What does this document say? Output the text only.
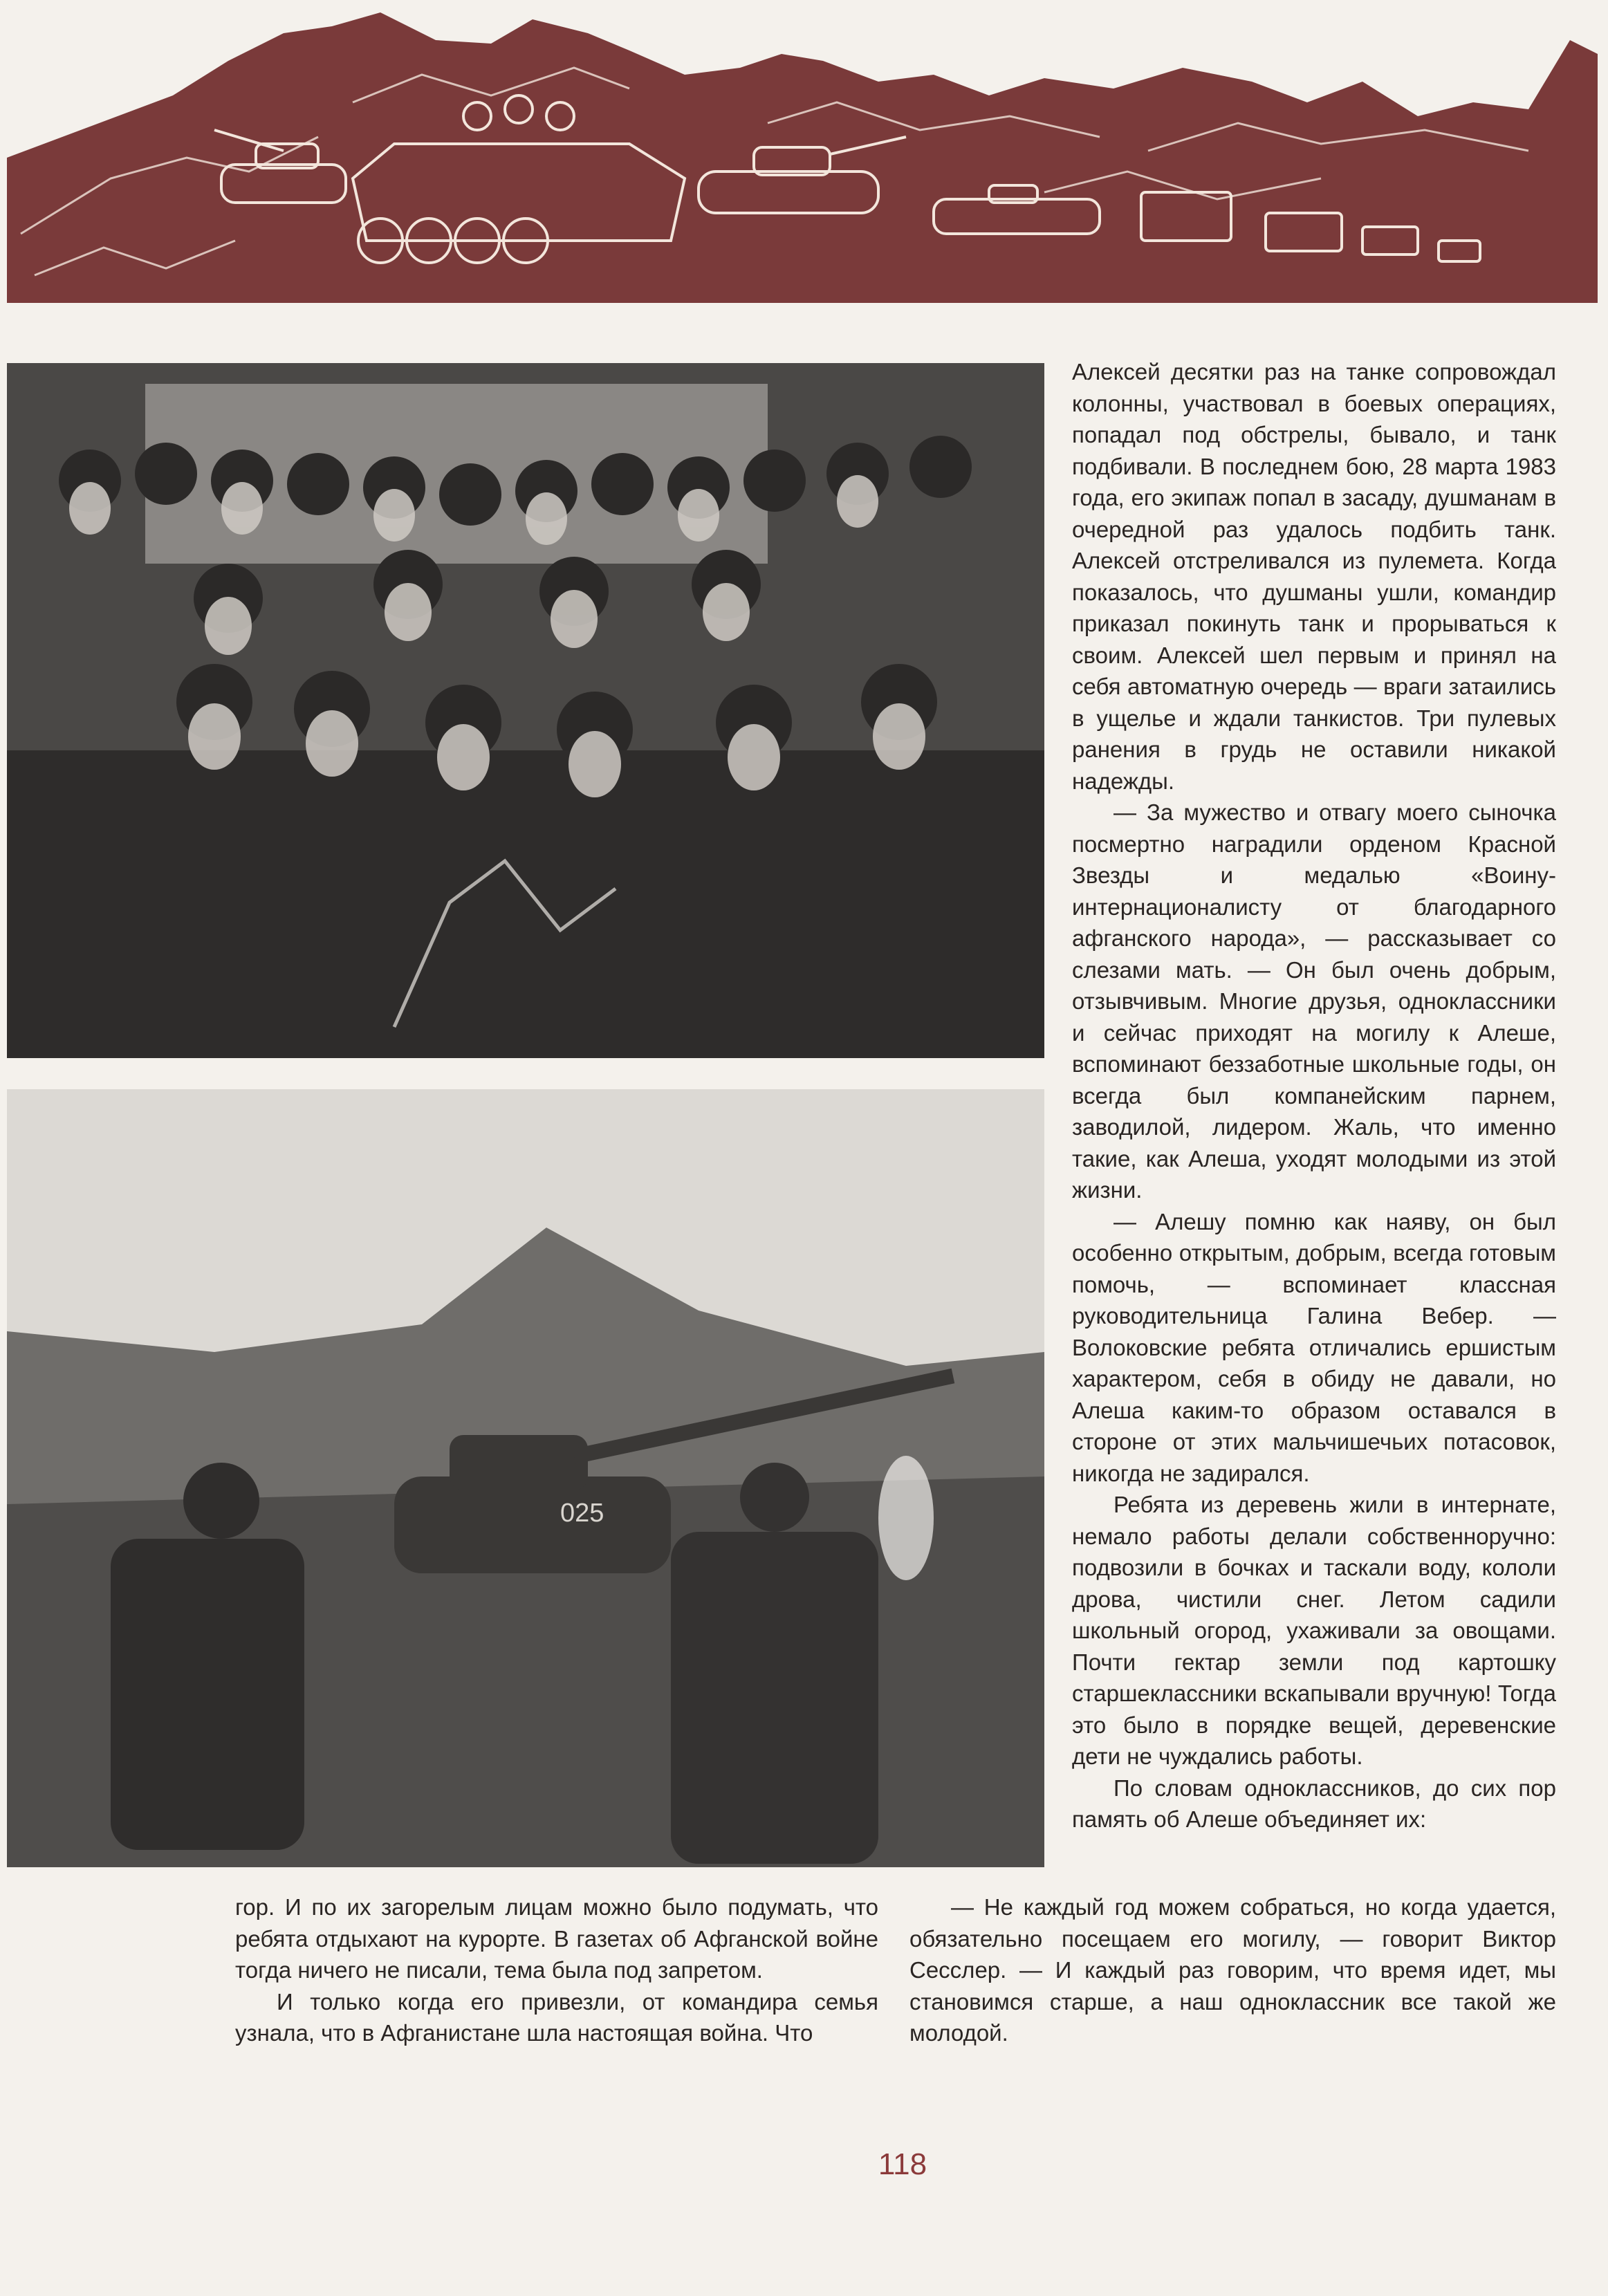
025

Алексей десятки раз на танке сопровождал колонны, участвовал в боевых операциях, попадал под обстрелы, бывало, и танк подбивали. В последнем бою, 28 марта 1983 года, его экипаж попал в засаду, душманам в очередной раз удалось подбить танк. Алексей отстреливался из пулемета. Когда показалось, что душманы ушли, командир приказал покинуть танк и прорываться к своим. Алексей шел первым и принял на себя автоматную очередь — враги затаились в ущелье и ждали танкистов. Три пулевых ранения в грудь не оставили никакой надежды.

— За мужество и отвагу моего сыночка посмертно наградили орденом Красной Звезды и медалью «Воину-интернационалисту от благодарного афганского народа», — рассказывает со слезами мать. — Он был очень добрым, отзывчивым. Многие друзья, одноклассники и сейчас приходят на могилу к Алеше, вспоминают беззаботные школьные годы, он всегда был компанейским парнем, заводилой, лидером. Жаль, что именно такие, как Алеша, уходят молодыми из этой жизни.

— Алешу помню как наяву, он был особенно открытым, добрым, всегда готовым помочь, — вспоминает классная руководительница Галина Вебер. — Волоковские ребята отличались ершистым характером, себя в обиду не давали, но Алеша каким-то образом оставался в стороне от этих мальчишечьих потасовок, никогда не задирался.

Ребята из деревень жили в интернате, немало работы делали собственноручно: подвозили в бочках и таскали воду, кололи дрова, чистили снег. Летом садили школьный огород, ухаживали за овощами. Почти гектар земли под картошку старшеклассники вскапывали вручную! Тогда это было в порядке вещей, деревенские дети не чуждались работы.

По словам одноклассников, до сих пор память об Алеше объединяет их:

гор. И по их загорелым лицам можно было подумать, что ребята отдыхают на курорте. В газетах об Афганской войне тогда ничего не писали, тема была под запретом.

И только когда его привезли, от командира семья узнала, что в Афганистане шла настоящая война. Что

— Не каждый год можем собраться, но когда удается, обязательно посещаем его могилу, — говорит Виктор Сесслер. — И каждый раз говорим, что время идет, мы становимся старше, а наш одноклассник все такой же молодой.

118
